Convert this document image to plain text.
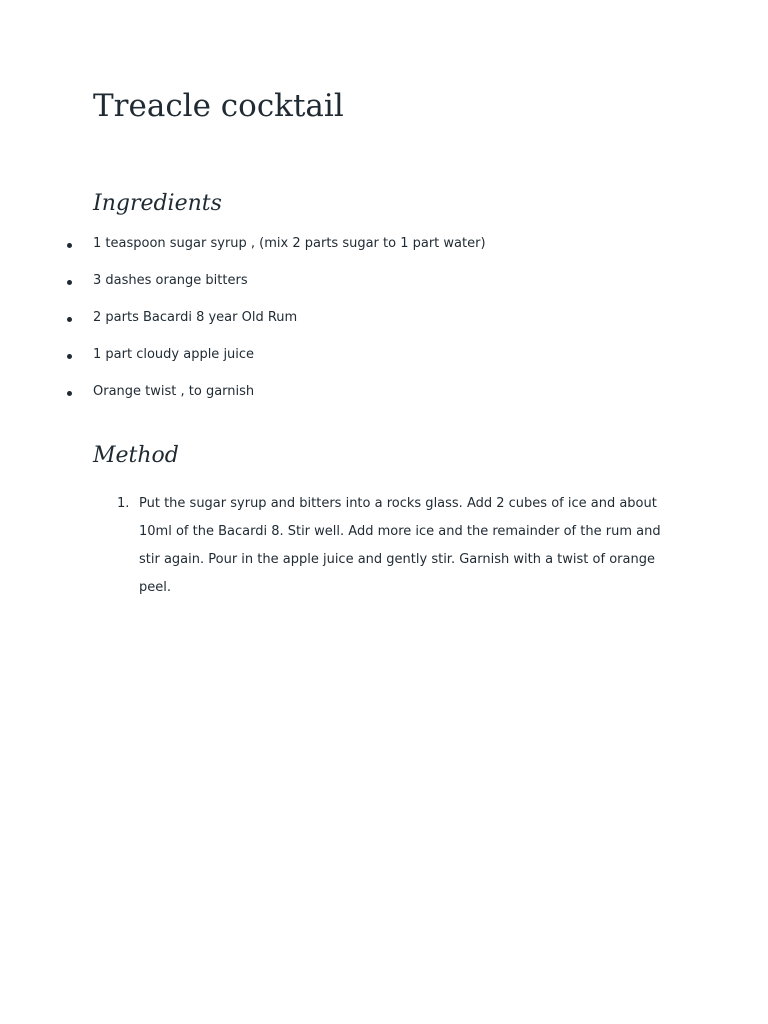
Treacle cocktail
Ingredients
1 teaspoon sugar syrup , (mix 2 parts sugar to 1 part water)
3 dashes orange bitters
2 parts Bacardi 8 year Old Rum
1 part cloudy apple juice
Orange twist , to garnish
Method
1. Put the sugar syrup and bitters into a rocks glass. Add 2 cubes of ice and about 10ml of the Bacardi 8. Stir well. Add more ice and the remainder of the rum and stir again. Pour in the apple juice and gently stir. Garnish with a twist of orange peel.
